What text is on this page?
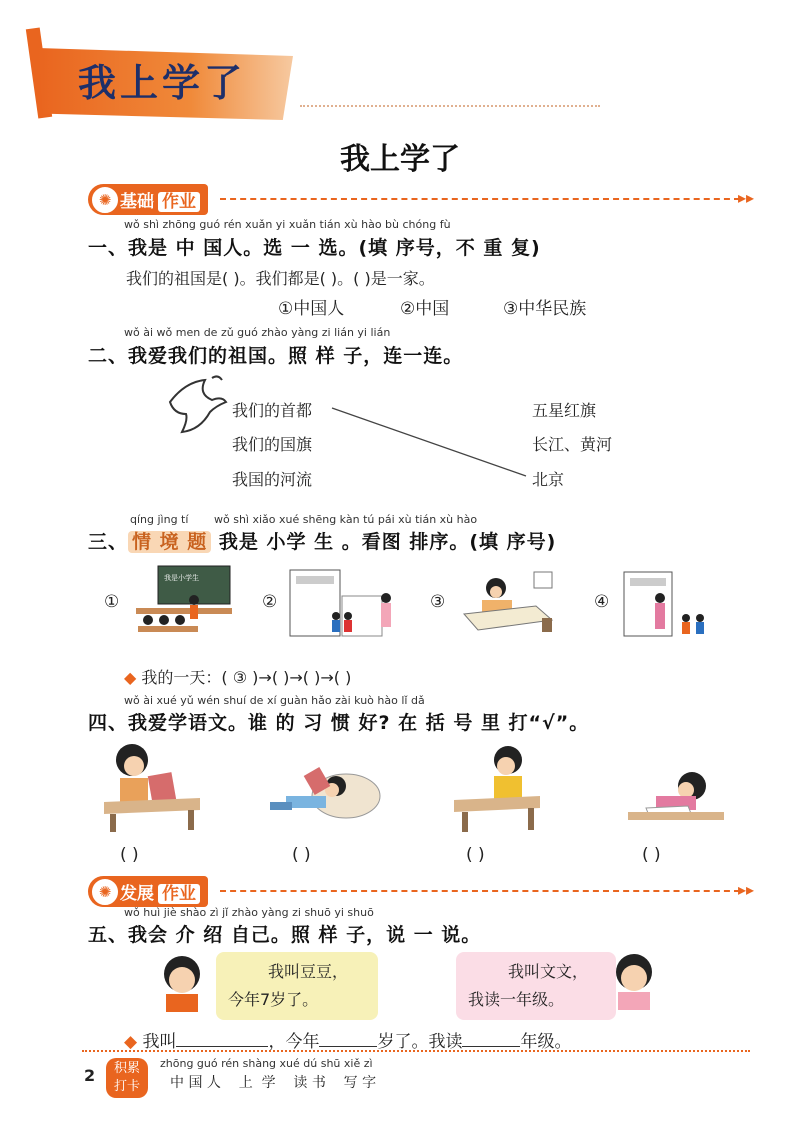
我上学了
我上学了
基础 作业
✺	▸▸
wǒ shì zhōng guó rén xuǎn yi xuǎn tián xù hào bù chóng fù
一、我是 中 国人。选 一 选。(填 序号，不 重 复)
我们的祖国是( )。我们都是( )。( )是一家。
①中国人	②中国	③中华民族
wǒ ài wǒ men de zǔ guó zhào yàng zi lián yi lián
二、我爱我们的祖国。照 样 子，连一连。
我们的首都
我们的国旗
我国的河流
五星红旗
长江、黄河
北京
qíng jìng tí wǒ shì xiǎo xué shēng kàn tú pái xù tián xù hào
三、 情 境 题 我是 小学 生 。看图 排序。(填 序号)
①	②	③	④
我是小学生
◆ 我的一天：( ③ )→( )→( )→( )
wǒ ài xué yǔ wén shuí de xí guàn hǎo zài kuò hào lǐ dǎ
四、我爱学语文。谁 的 习 惯 好? 在 括 号 里 打“√”。
( )	( )	( )	( )
发展 作业
✺	▸▸
wǒ huì jiè shào zì jǐ zhào yàng zi shuō yi shuō
五、我会 介 绍 自己。照 样 子，说 一 说。
我叫豆豆，
今年7岁了。
我叫文文，
我读一年级。
◆ 我叫	，今年	岁了。我读	年级。
2	积累
打卡
zhōng guó rén shàng xué dú shū xiě zì
中 国 人    上  学    读 书    写 字
